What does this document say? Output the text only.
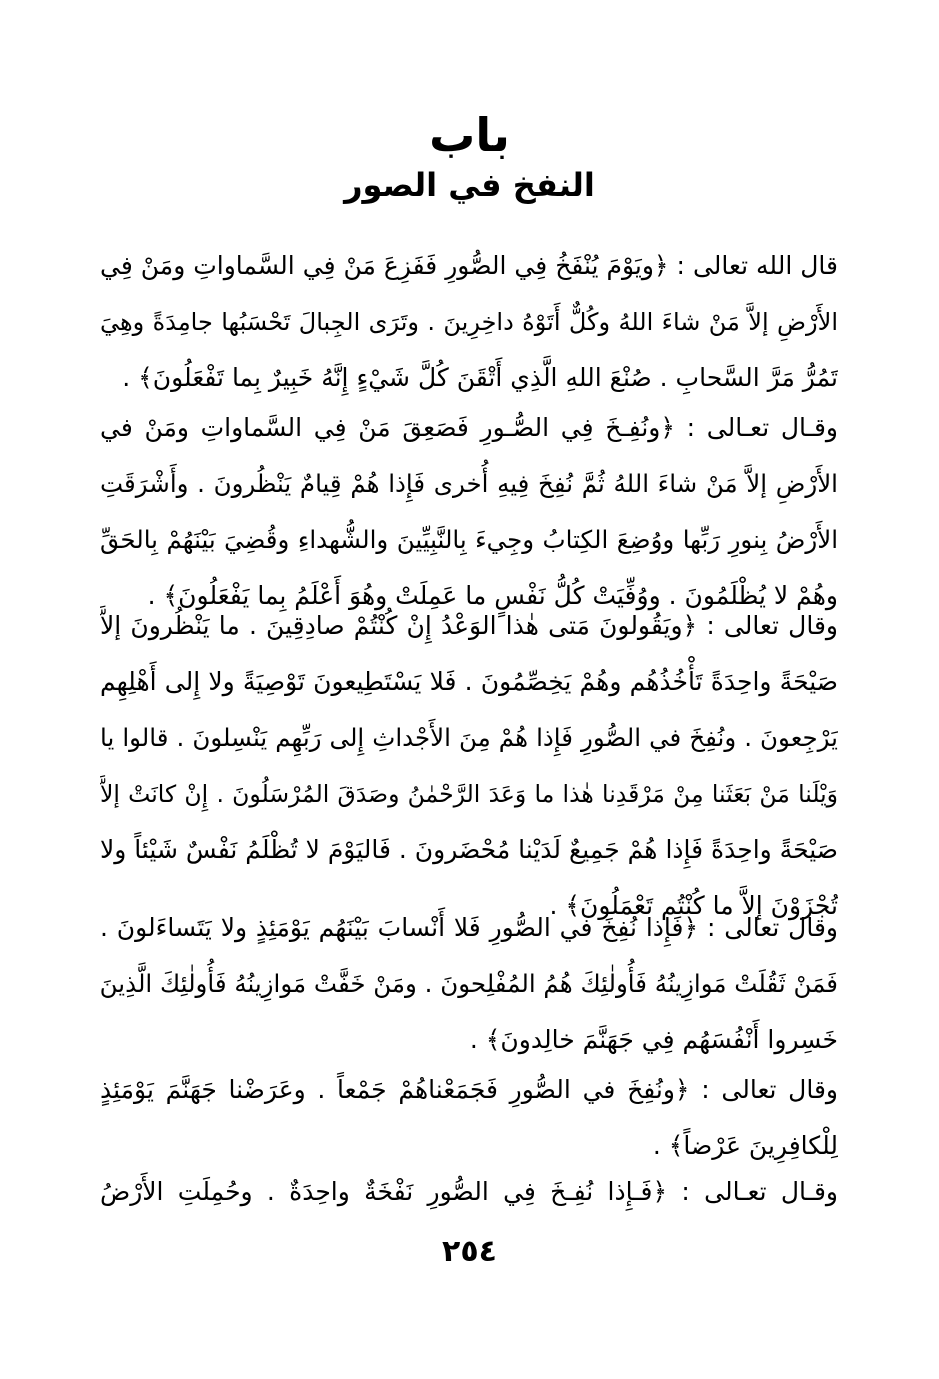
باب
النفخ في الصور
قال الله تعالى : ﴿ويَوْمَ يُنْفَخُ فِي الصُّورِ فَفَزِعَ مَنْ فِي السَّماواتِ ومَنْ فِي
الأَرْضِ إلاَّ مَنْ شاءَ اللهُ وكُلٌّ أَتَوْهُ داخِرِينَ . وتَرَى الجِبالَ تَحْسَبُها جامِدَةً وهِيَ
تَمُرُّ مَرَّ السَّحابِ . صُنْعَ اللهِ الَّذِي أَتْقَنَ كُلَّ شَيْءٍ إِنَّهُ خَبِيرٌ بِما تَفْعَلُونَ﴾ .
وقـال تعـالى : ﴿ونُفِـخَ فِي الصُّـورِ فَصَعِقَ مَنْ فِي السَّماواتِ ومَنْ في
الأَرْضِ إلاَّ مَنْ شاءَ اللهُ ثُمَّ نُفِخَ فِيهِ أُخرى فَإِذا هُمْ قِيامٌ يَنْظُرونَ . وأَشْرَقَتِ
الأَرْضُ بِنورِ رَبِّها ووُضِعَ الكِتابُ وجِيءَ بِالنَّبِيِّينَ والشُّهداءِ وقُضِيَ بَيْنَهُمْ بِالحَقِّ
وهُمْ لا يُظْلَمُونَ . ووُفِّيَتْ كُلُّ نَفْسٍ ما عَمِلَتْ وهُوَ أَعْلَمُ بِما يَفْعَلُونَ﴾ .
وقال تعالى : ﴿ويَقُولونَ مَتى هٰذا الوَعْدُ إِنْ كُنْتُمْ صادِقِينَ . ما يَنْظُرونَ إلاَّ
صَيْحَةً واحِدَةً تَأْخُذُهُم وهُمْ يَخِصِّمُونَ . فَلا يَسْتَطِيعونَ تَوْصِيَةً ولا إِلى أَهْلِهِم
يَرْجِعونَ . ونُفِخَ في الصُّورِ فَإِذا هُمْ مِنَ الأَجْداثِ إِلى رَبِّهِم يَنْسِلونَ . قالوا يا
وَيْلَنا مَنْ بَعَثَنا مِنْ مَرْقَدِنا هٰذا ما وَعَدَ الرَّحْمٰنُ وصَدَقَ المُرْسَلُونَ . إِنْ كانَتْ إلاَّ
صَيْحَةً واحِدَةً فَإِذا هُمْ جَمِيعٌ لَدَيْنا مُحْضَرونَ . فَاليَوْمَ لا تُظْلَمُ نَفْسٌ شَيْئاً ولا
تُجْزَوْنَ إلاَّ ما كُنْتُم تَعْمَلُونَ﴾ .
وقال تعالى : ﴿فَإِذا نُفِخَ في الصُّورِ فَلا أَنْسابَ بَيْنَهُم يَوْمَئِذٍ ولا يَتَساءَلونَ .
فَمَنْ ثَقُلَتْ مَوازِينُهُ فَأُولٰئِكَ هُمُ المُفْلِحونَ . ومَنْ خَفَّتْ مَوازِينُهُ فَأُولٰئِكَ الَّذِينَ
خَسِروا أَنْفُسَهُم فِي جَهَنَّمَ خالِدونَ﴾ .
وقال تعالى : ﴿ونُفِخَ في الصُّورِ فَجَمَعْناهُمْ جَمْعاً . وعَرَضْنا جَهَنَّمَ يَوْمَئِذٍ
لِلْكافِرِينَ عَرْضاً﴾ .
وقـال تعـالى : ﴿فَـإِذا نُفِـخَ فِي الصُّورِ نَفْخَةٌ واحِدَةٌ . وحُمِلَتِ الأَرْضُ
٢٥٤
